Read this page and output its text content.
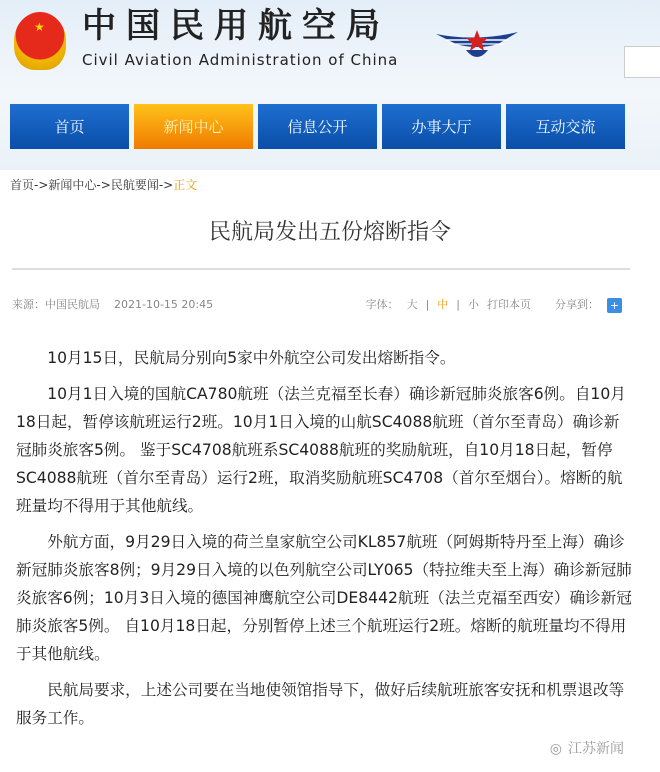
★ 中国民用航空局
Civil Aviation Administration of China
首页	新闻中心	信息公开	办事大厅	互动交流
首页->新闻中心->民航要闻->正文
民航局发出五份熔断指令
来源：中国民航局 2021-10-15 20:45	字体： 大 | 中 | 小 打印本页 分享到： +

10月15日，民航局分别向5家中外航空公司发出熔断指令。

10月1日入境的国航CA780航班（法兰克福至长春）确诊新冠肺炎旅客6例。自10月18日起，暂停该航班运行2班。10月1日入境的山航SC4088航班（首尔至青岛）确诊新冠肺炎旅客5例。 鉴于SC4708航班系SC4088航班的奖励航班，自10月18日起，暂停SC4088航班（首尔至青岛）运行2班，取消奖励航班SC4708（首尔至烟台）。熔断的航班量均不得用于其他航线。

外航方面，9月29日入境的荷兰皇家航空公司KL857航班（阿姆斯特丹至上海）确诊新冠肺炎旅客8例；9月29日入境的以色列航空公司LY065（特拉维夫至上海）确诊新冠肺炎旅客6例；10月3日入境的德国神鹰航空公司DE8442航班（法兰克福至西安）确诊新冠肺炎旅客5例。 自10月18日起，分别暂停上述三个航班运行2班。熔断的航班量均不得用于其他航线。

民航局要求，上述公司要在当地使领馆指导下，做好后续航班旅客安抚和机票退改等服务工作。

◎ 江苏新闻
